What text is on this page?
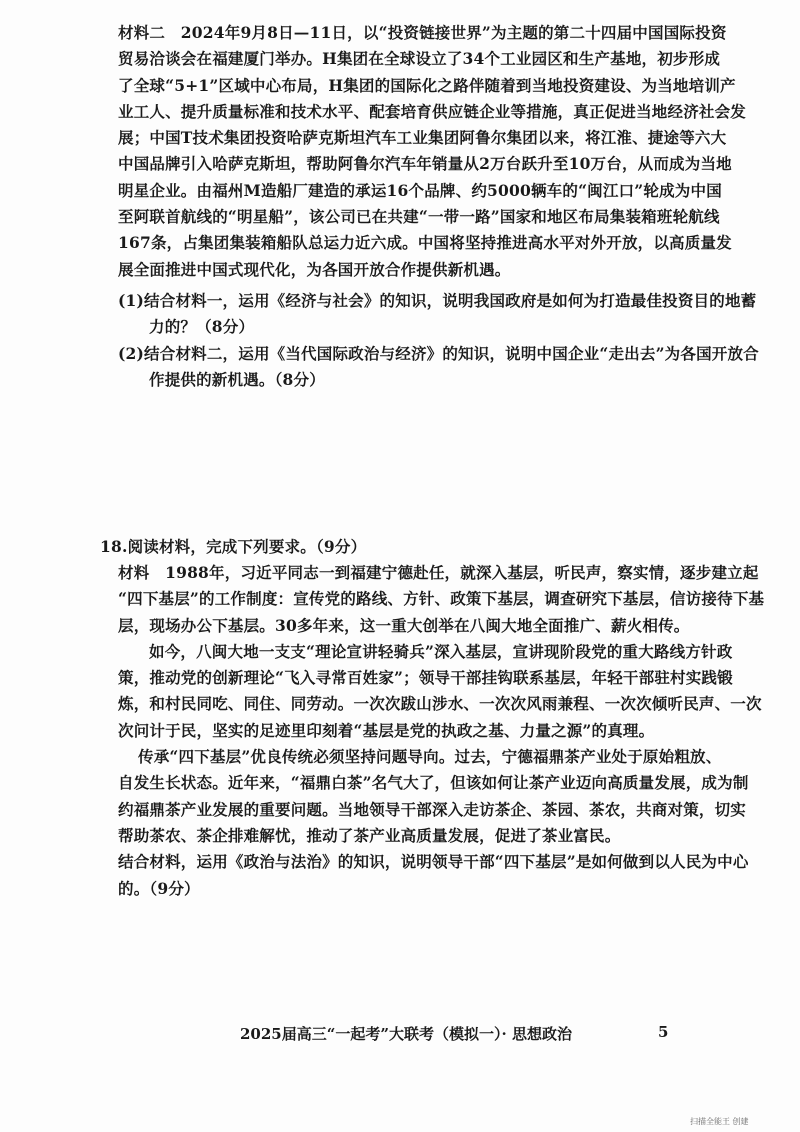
材料二　2024年9月8日—11日，以“投资链接世界”为主题的第二十四届中国国际投资
贸易洽谈会在福建厦门举办。H集团在全球设立了34个工业园区和生产基地，初步形成
了全球“5+1”区域中心布局，H集团的国际化之路伴随着到当地投资建设、为当地培训产
业工人、提升质量标准和技术水平、配套培育供应链企业等措施，真正促进当地经济社会发
展；中国T技术集团投资哈萨克斯坦汽车工业集团阿鲁尔集团以来，将江淮、捷途等六大
中国品牌引入哈萨克斯坦，帮助阿鲁尔汽车年销量从2万台跃升至10万台，从而成为当地
明星企业。由福州M造船厂建造的承运16个品牌、约5000辆车的“闽江口”轮成为中国
至阿联首航线的“明星船”，该公司已在共建“一带一路”国家和地区布局集装箱班轮航线
167条，占集团集装箱船队总运力近六成。中国将坚持推进高水平对外开放，以高质量发
展全面推进中国式现代化，为各国开放合作提供新机遇。
(1)结合材料一，运用《经济与社会》的知识，说明我国政府是如何为打造最佳投资目的地蓄
力的？（8分）
(2)结合材料二，运用《当代国际政治与经济》的知识，说明中国企业“走出去”为各国开放合
作提供的新机遇。（8分）
18.阅读材料，完成下列要求。（9分）
材料　1988年，习近平同志一到福建宁德赴任，就深入基层，听民声，察实情，逐步建立起
“四下基层”的工作制度：宣传党的路线、方针、政策下基层，调查研究下基层，信访接待下基
层，现场办公下基层。30多年来，这一重大创举在八闽大地全面推广、薪火相传。
如今，八闽大地一支支“理论宣讲轻骑兵”深入基层，宣讲现阶段党的重大路线方针政
策，推动党的创新理论“飞入寻常百姓家”；领导干部挂钩联系基层，年轻干部驻村实践锻
炼，和村民同吃、同住、同劳动。一次次跋山涉水、一次次风雨兼程、一次次倾听民声、一次
次问计于民，坚实的足迹里印刻着“基层是党的执政之基、力量之源”的真理。
传承“四下基层”优良传统必须坚持问题导向。过去，宁德福鼎茶产业处于原始粗放、
自发生长状态。近年来，“福鼎白茶”名气大了，但该如何让茶产业迈向高质量发展，成为制
约福鼎茶产业发展的重要问题。当地领导干部深入走访茶企、茶园、茶农，共商对策，切实
帮助茶农、茶企排难解忧，推动了茶产业高质量发展，促进了茶业富民。
结合材料，运用《政治与法治》的知识，说明领导干部“四下基层”是如何做到以人民为中心
的。（9分）
2025届高三“一起考”大联考（模拟一）· 思想政治	5
扫描全能王 创建
